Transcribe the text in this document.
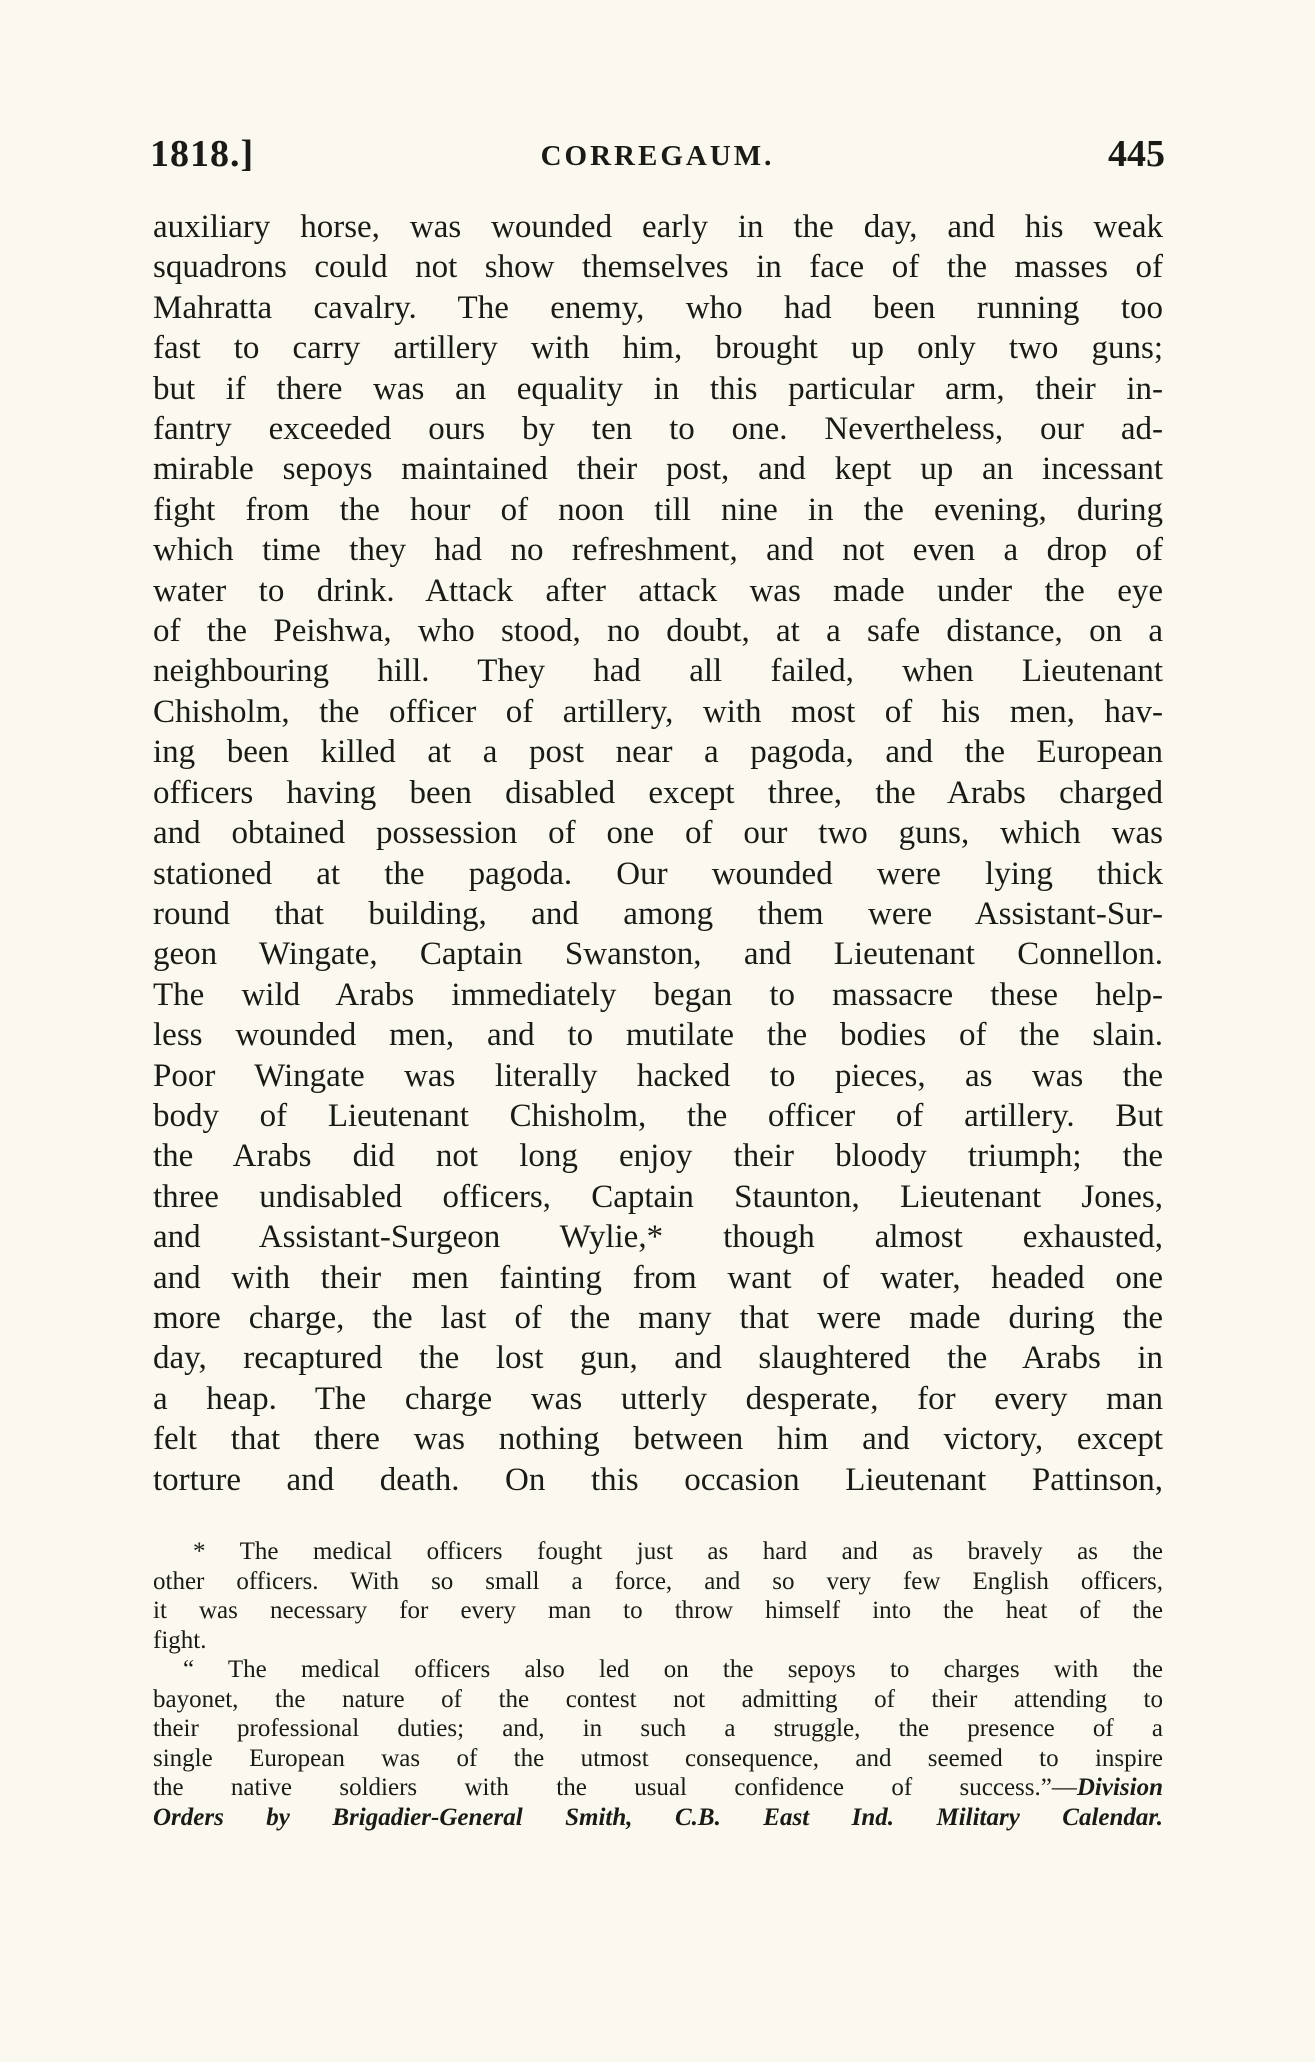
1818.]	CORREGAUM.	445
auxiliary horse, was wounded early in the day, and his weak
squadrons could not show themselves in face of the masses of
Mahratta cavalry. The enemy, who had been running too
fast to carry artillery with him, brought up only two guns;
but if there was an equality in this particular arm, their in-
fantry exceeded ours by ten to one. Nevertheless, our ad-
mirable sepoys maintained their post, and kept up an incessant
fight from the hour of noon till nine in the evening, during
which time they had no refreshment, and not even a drop of
water to drink. Attack after attack was made under the eye
of the Peishwa, who stood, no doubt, at a safe distance, on a
neighbouring hill. They had all failed, when Lieutenant
Chisholm, the officer of artillery, with most of his men, hav-
ing been killed at a post near a pagoda, and the European
officers having been disabled except three, the Arabs charged
and obtained possession of one of our two guns, which was
stationed at the pagoda. Our wounded were lying thick
round that building, and among them were Assistant-Sur-
geon Wingate, Captain Swanston, and Lieutenant Connellon.
The wild Arabs immediately began to massacre these help-
less wounded men, and to mutilate the bodies of the slain.
Poor Wingate was literally hacked to pieces, as was the
body of Lieutenant Chisholm, the officer of artillery. But
the Arabs did not long enjoy their bloody triumph; the
three undisabled officers, Captain Staunton, Lieutenant Jones,
and Assistant-Surgeon Wylie,* though almost exhausted,
and with their men fainting from want of water, headed one
more charge, the last of the many that were made during the
day, recaptured the lost gun, and slaughtered the Arabs in
a heap. The charge was utterly desperate, for every man
felt that there was nothing between him and victory, except
torture and death. On this occasion Lieutenant Pattinson,
* The medical officers fought just as hard and as bravely as the
other officers. With so small a force, and so very few English officers,
it was necessary for every man to throw himself into the heat of the
fight.
“ The medical officers also led on the sepoys to charges with the
bayonet, the nature of the contest not admitting of their attending to
their professional duties; and, in such a struggle, the presence of a
single European was of the utmost consequence, and seemed to inspire
the native soldiers with the usual confidence of success.”—Division
Orders by Brigadier-General Smith, C.B. East Ind. Military Calendar.
